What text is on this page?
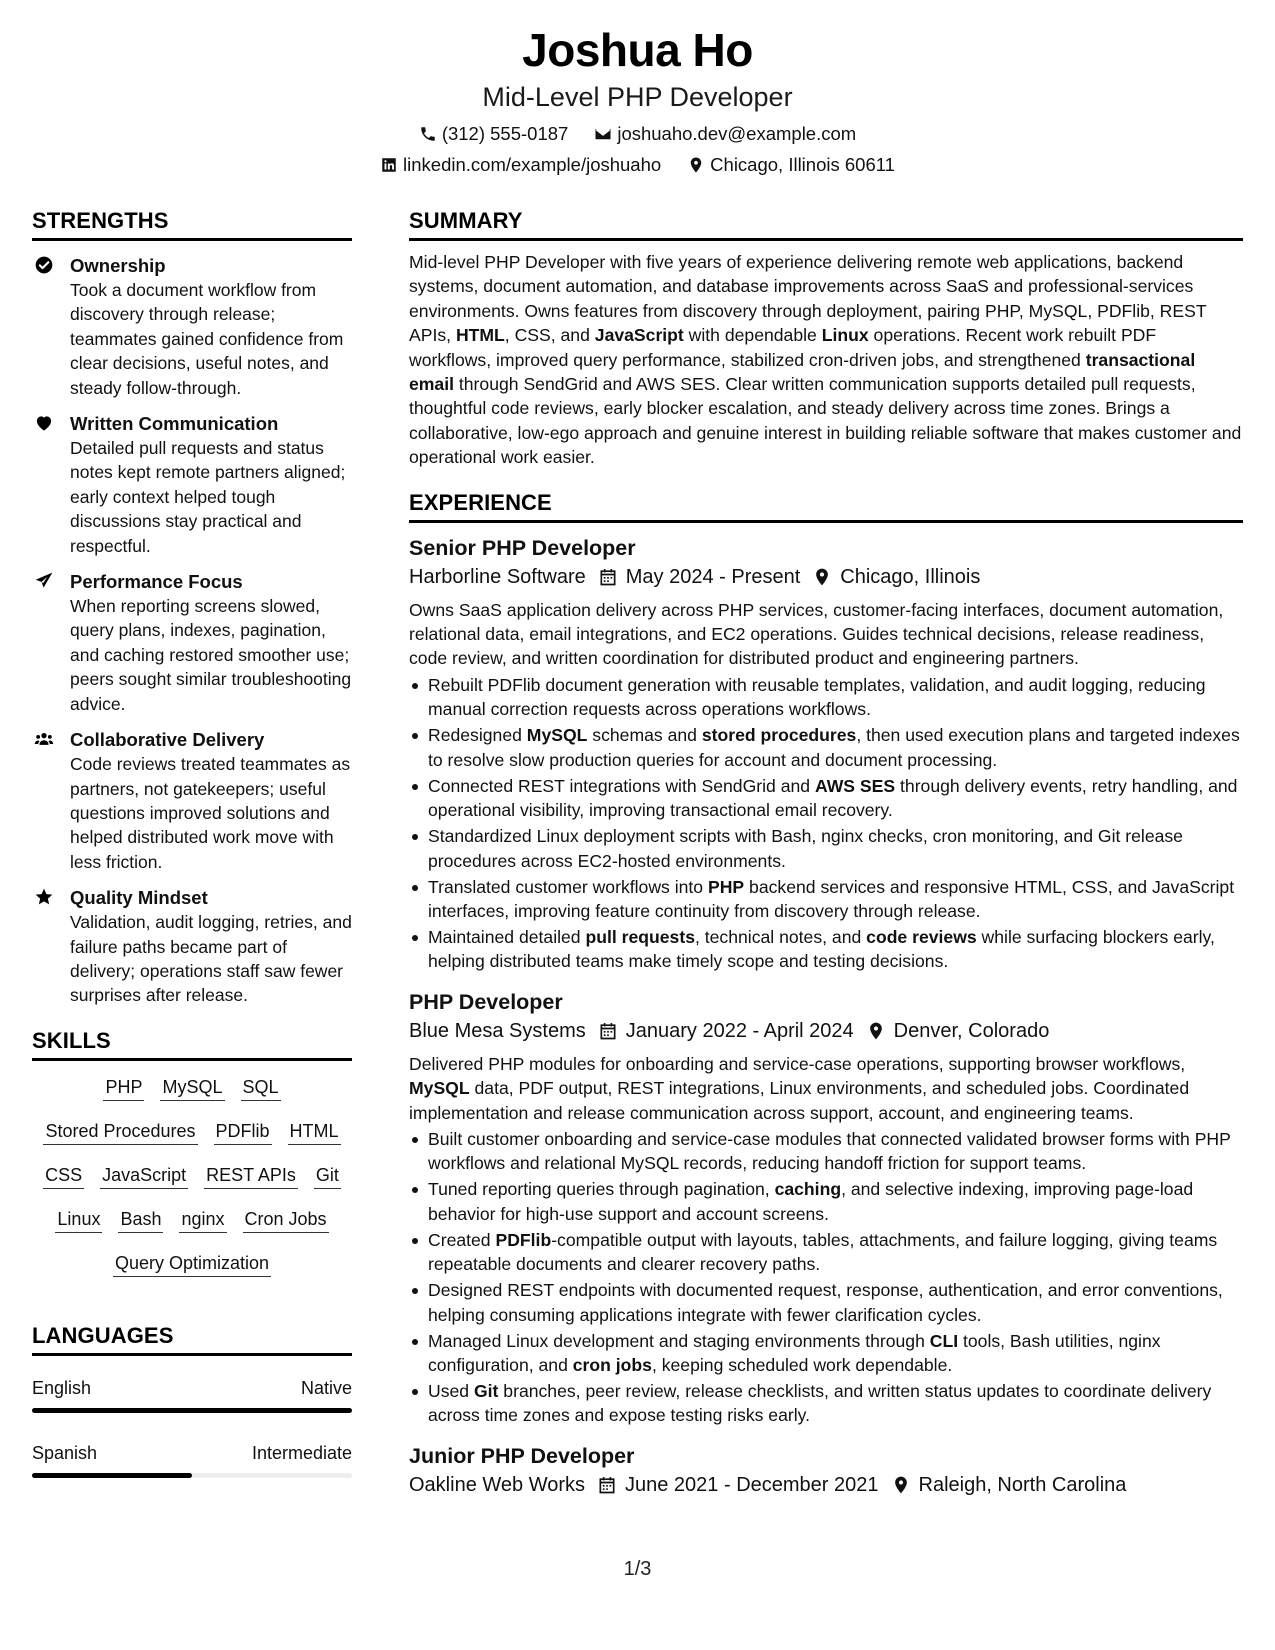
Joshua Ho
Mid-Level PHP Developer
(312) 555-0187	joshuaho.dev@example.com
linkedin.com/example/joshuaho	Chicago, Illinois 60611
STRENGTHS
Ownership
Took a document workflow from discovery through release; teammates gained confidence from clear decisions, useful notes, and steady follow-through.
Written Communication
Detailed pull requests and status notes kept remote partners aligned; early context helped tough discussions stay practical and respectful.
Performance Focus
When reporting screens slowed, query plans, indexes, pagination, and caching restored smoother use; peers sought similar troubleshooting advice.
Collaborative Delivery
Code reviews treated teammates as partners, not gatekeepers; useful questions improved solutions and helped distributed work move with less friction.
Quality Mindset
Validation, audit logging, retries, and failure paths became part of delivery; operations staff saw fewer surprises after release.
SKILLS
PHP MySQL SQL
Stored Procedures PDFlib HTML
CSS JavaScript REST APIs Git
Linux Bash nginx Cron Jobs
Query Optimization
LANGUAGES
English	Native
Spanish	Intermediate
SUMMARY
Mid-level PHP Developer with five years of experience delivering remote web applications, backend systems, document automation, and database improvements across SaaS and professional-services environments. Owns features from discovery through deployment, pairing PHP, MySQL, PDFlib, REST APIs, HTML, CSS, and JavaScript with dependable Linux operations. Recent work rebuilt PDF workflows, improved query performance, stabilized cron-driven jobs, and strengthened transactional email through SendGrid and AWS SES. Clear written communication supports detailed pull requests, thoughtful code reviews, early blocker escalation, and steady delivery across time zones. Brings a collaborative, low-ego approach and genuine interest in building reliable software that makes customer and operational work easier.
EXPERIENCE
Senior PHP Developer
Harborline Software May 2024 - Present Chicago, Illinois
Owns SaaS application delivery across PHP services, customer-facing interfaces, document automation, relational data, email integrations, and EC2 operations. Guides technical decisions, release readiness, code review, and written coordination for distributed product and engineering partners.
Rebuilt PDFlib document generation with reusable templates, validation, and audit logging, reducing manual correction requests across operations workflows.
Redesigned MySQL schemas and stored procedures, then used execution plans and targeted indexes to resolve slow production queries for account and document processing.
Connected REST integrations with SendGrid and AWS SES through delivery events, retry handling, and operational visibility, improving transactional email recovery.
Standardized Linux deployment scripts with Bash, nginx checks, cron monitoring, and Git release procedures across EC2-hosted environments.
Translated customer workflows into PHP backend services and responsive HTML, CSS, and JavaScript interfaces, improving feature continuity from discovery through release.
Maintained detailed pull requests, technical notes, and code reviews while surfacing blockers early, helping distributed teams make timely scope and testing decisions.
PHP Developer
Blue Mesa Systems January 2022 - April 2024 Denver, Colorado
Delivered PHP modules for onboarding and service-case operations, supporting browser workflows, MySQL data, PDF output, REST integrations, Linux environments, and scheduled jobs. Coordinated implementation and release communication across support, account, and engineering teams.
Built customer onboarding and service-case modules that connected validated browser forms with PHP workflows and relational MySQL records, reducing handoff friction for support teams.
Tuned reporting queries through pagination, caching, and selective indexing, improving page-load behavior for high-use support and account screens.
Created PDFlib-compatible output with layouts, tables, attachments, and failure logging, giving teams repeatable documents and clearer recovery paths.
Designed REST endpoints with documented request, response, authentication, and error conventions, helping consuming applications integrate with fewer clarification cycles.
Managed Linux development and staging environments through CLI tools, Bash utilities, nginx configuration, and cron jobs, keeping scheduled work dependable.
Used Git branches, peer review, release checklists, and written status updates to coordinate delivery across time zones and expose testing risks early.
Junior PHP Developer
Oakline Web Works June 2021 - December 2021 Raleigh, North Carolina
1/3
